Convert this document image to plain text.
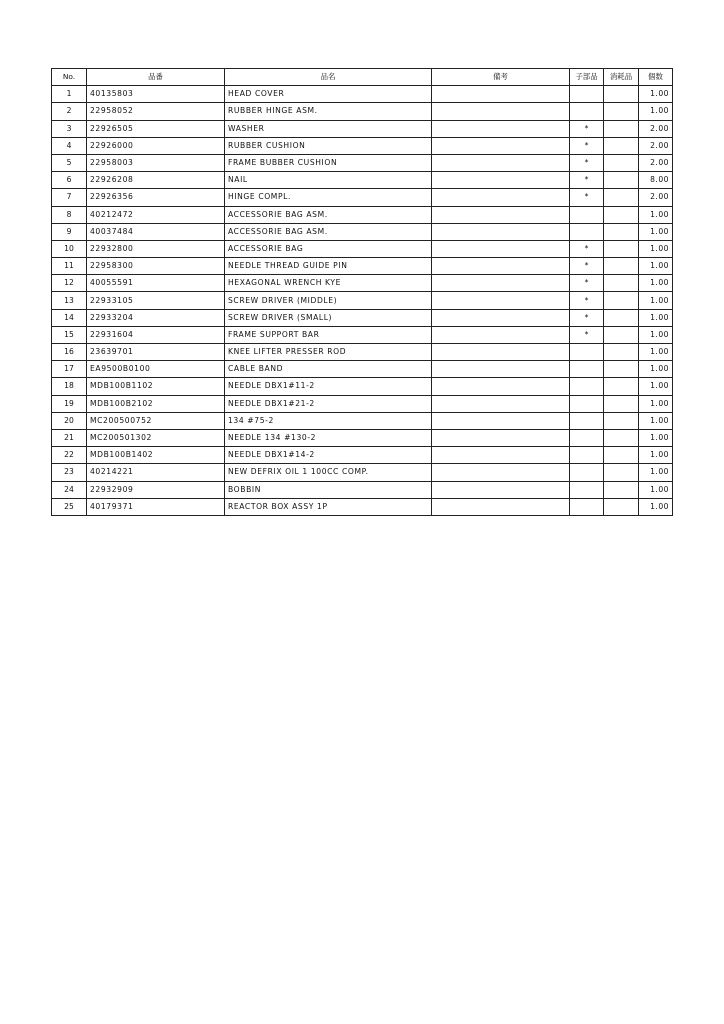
No.	品番	品名	備考	子部品	消耗品	個数
1	40135803	HEAD COVER				1.00
2	22958052	RUBBER HINGE ASM.				1.00
3	22926505	WASHER		*		2.00
4	22926000	RUBBER CUSHION		*		2.00
5	22958003	FRAME BUBBER CUSHION		*		2.00
6	22926208	NAIL		*		8.00
7	22926356	HINGE COMPL.		*		2.00
8	40212472	ACCESSORIE BAG ASM.				1.00
9	40037484	ACCESSORIE BAG ASM.				1.00
10	22932800	ACCESSORIE BAG		*		1.00
11	22958300	NEEDLE THREAD GUIDE PIN		*		1.00
12	40055591	HEXAGONAL WRENCH KYE		*		1.00
13	22933105	SCREW DRIVER (MIDDLE)		*		1.00
14	22933204	SCREW DRIVER (SMALL)		*		1.00
15	22931604	FRAME SUPPORT BAR		*		1.00
16	23639701	KNEE LIFTER PRESSER ROD				1.00
17	EA9500B0100	CABLE BAND				1.00
18	MDB100B1102	NEEDLE DBX1#11-2				1.00
19	MDB100B2102	NEEDLE DBX1#21-2				1.00
20	MC200500752	134 #75-2				1.00
21	MC200501302	NEEDLE 134 #130-2				1.00
22	MDB100B1402	NEEDLE DBX1#14-2				1.00
23	40214221	NEW DEFRIX OIL 1 100CC COMP.				1.00
24	22932909	BOBBIN				1.00
25	40179371	REACTOR BOX ASSY 1P				1.00
